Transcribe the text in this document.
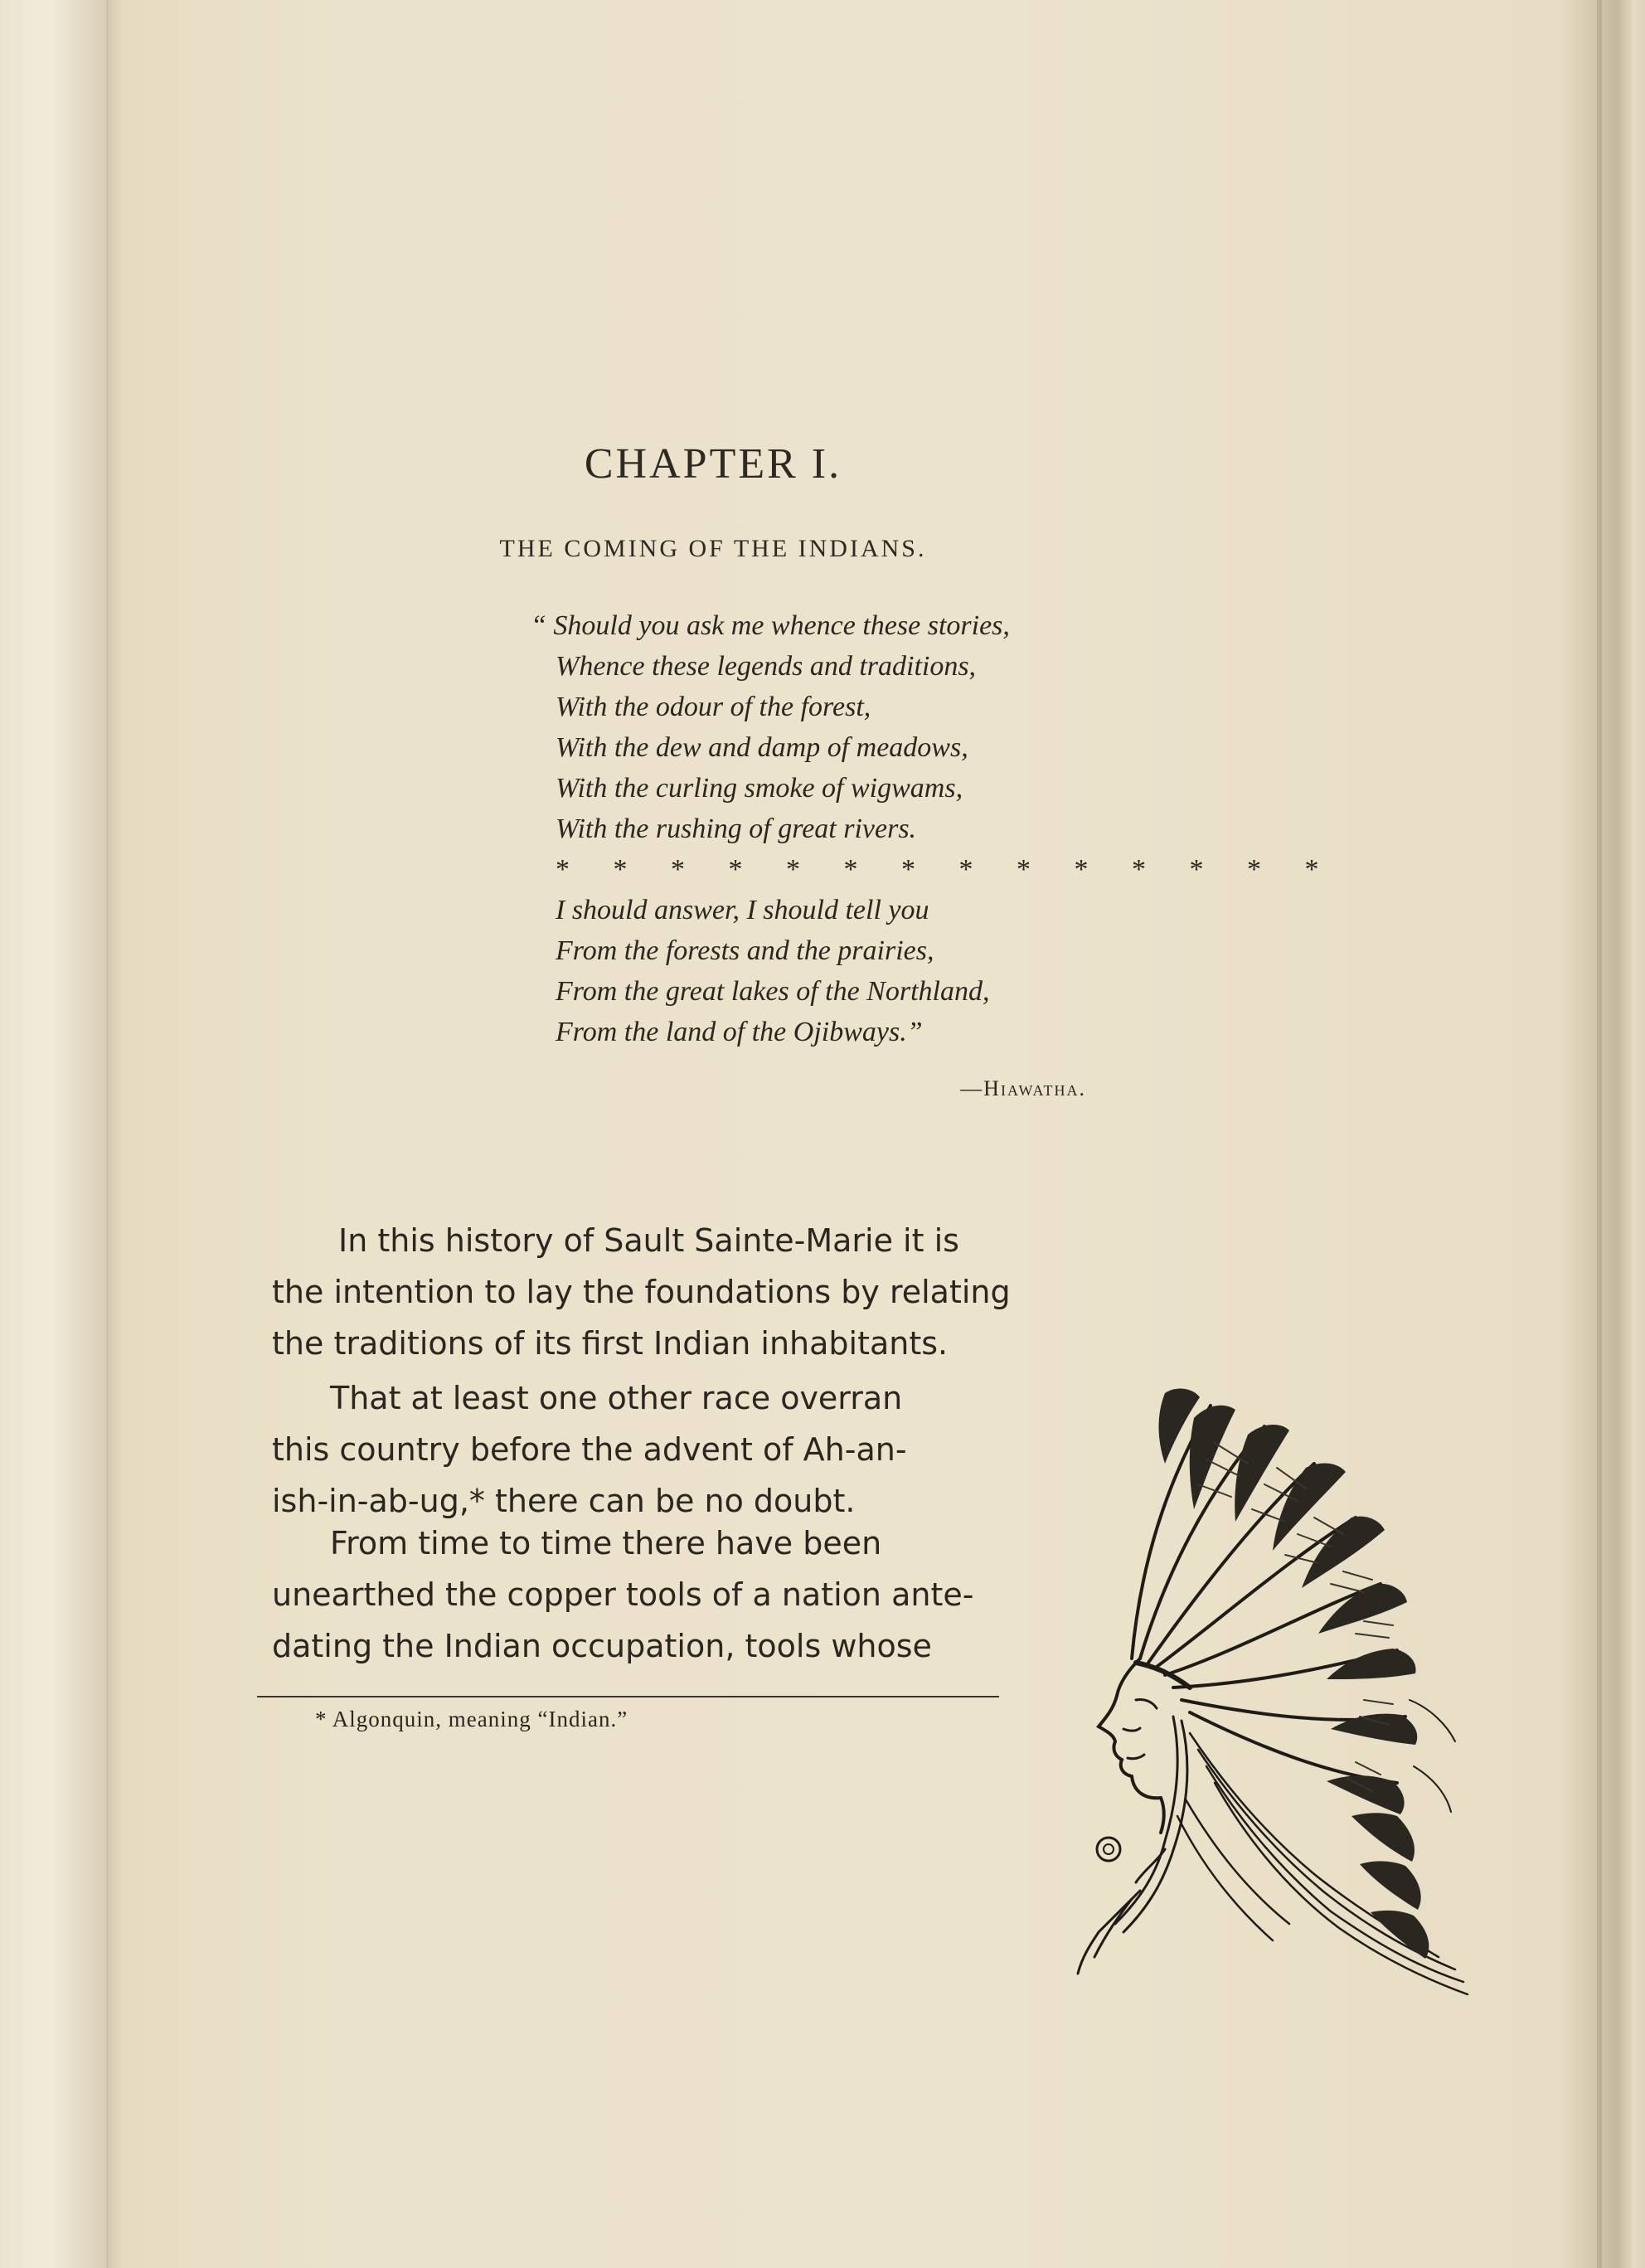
CHAPTER I.
THE COMING OF THE INDIANS.
“ Should you ask me whence these stories,
Whence these legends and traditions,
With the odour of the forest,
With the dew and damp of meadows,
With the curling smoke of wigwams,
With the rushing of great rivers.
* * * * * * * * * * * * * *
I should answer, I should tell you
From the forests and the prairies,
From the great lakes of the Northland,
From the land of the Ojibways.”
—Hiawatha.
In this history of Sault Sainte-Marie it is
the intention to lay the foundations by relating
the traditions of its first Indian inhabitants.
That at least one other race overran
this country before the advent of Ah-an-
ish-in-ab-ug,* there can be no doubt.
From time to time there have been
unearthed the copper tools of a nation ante-
dating the Indian occupation, tools whose
* Algonquin, meaning “Indian.”
